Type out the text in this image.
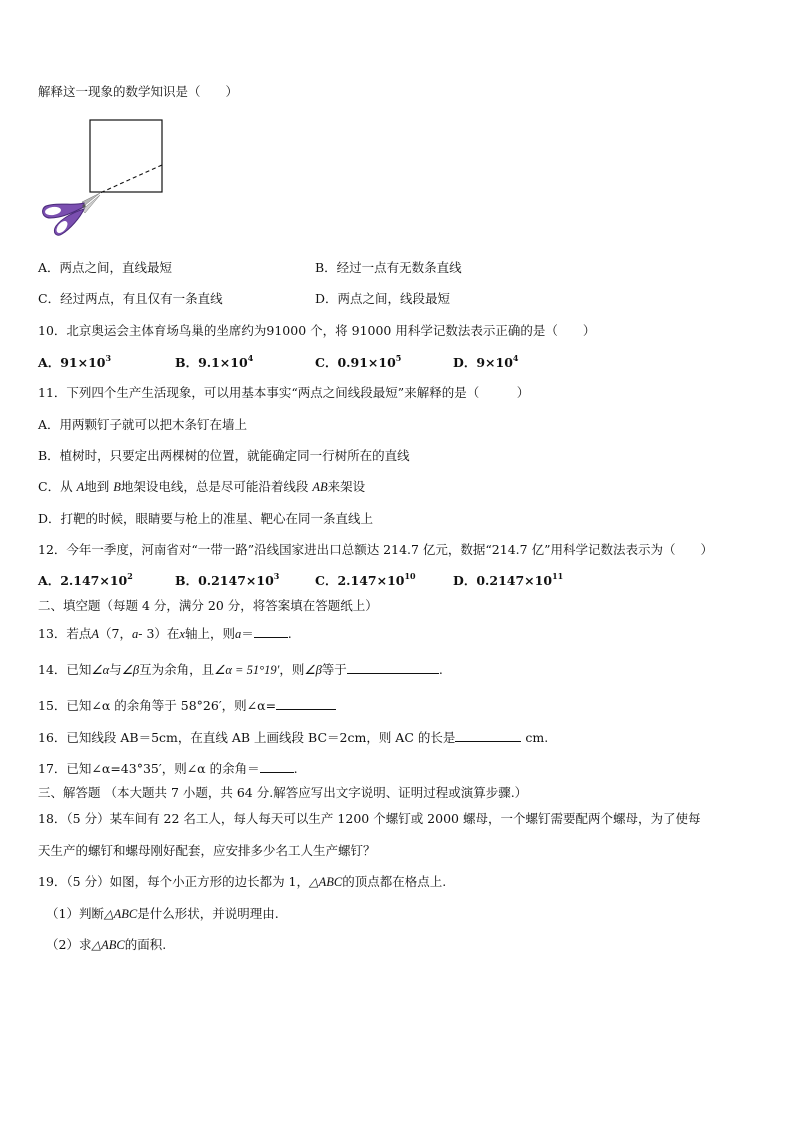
解释这一现象的数学知识是（　　）
A．两点之间，直线最短	B．经过一点有无数条直线
C．经过两点，有且仅有一条直线	D．两点之间，线段最短
10．北京奥运会主体育场鸟巢的坐席约为91000 个，将 91000 用科学记数法表示正确的是（　　）
A．$91\times 10^3$	B．$9.1\times 10^4$	C．$0.91\times 10^5$	D．$9\times 10^4$
11．下列四个生产生活现象，可以用基本事实“两点之间线段最短”来解释的是（　　　）
A．用两颗钉子就可以把木条钉在墙上
B．植树时，只要定出两棵树的位置，就能确定同一行树所在的直线
C．从 A地到 B地架设电线，总是尽可能沿着线段 AB来架设
D．打靶的时候，眼睛要与枪上的准星、靶心在同一条直线上
12．今年一季度，河南省对“一带一路”沿线国家进出口总额达 214.7 亿元，数据“214.7 亿”用科学记数法表示为（　　）
A．$2.147\times 10^2$	B．$0.2147\times 10^3$	C．$2.147\times 10^{10}$	D．$0.2147\times 10^{11}$
二、填空题（每题 4 分，满分 20 分，将答案填在答题纸上）
13．若点A（7，a- 3）在x轴上，则a＝	.
14．已知∠α与∠β互为余角，且∠α = 51°19′，则∠β等于	.
15．已知∠α 的余角等于 58°26′，则∠α=
16．已知线段 AB＝5cm，在直线 AB 上画线段 BC＝2cm，则 AC 的长是	cm.
17．已知∠α=43°35′，则∠α 的余角＝	.
三、解答题 （本大题共 7 小题，共 64 分.解答应写出文字说明、证明过程或演算步骤.）
18．（5 分）某车间有 22 名工人，每人每天可以生产 1200 个螺钉或 2000 螺母，一个螺钉需要配两个螺母，为了使每
天生产的螺钉和螺母刚好配套，应安排多少名工人生产螺钉？
19．（5 分）如图，每个小正方形的边长都为 1，△ABC的顶点都在格点上.
（1）判断△ABC是什么形状，并说明理由.
（2）求△ABC的面积.
